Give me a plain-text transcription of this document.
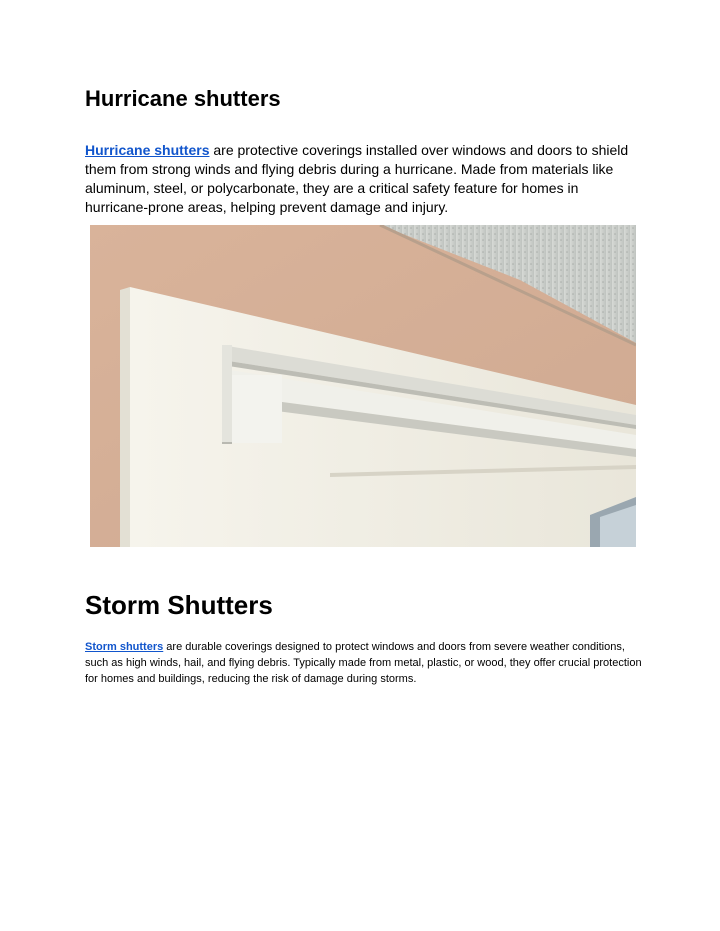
Hurricane shutters

Hurricane shutters are protective coverings installed over windows and doors to shield them from strong winds and flying debris during a hurricane. Made from materials like aluminum, steel, or polycarbonate, they are a critical safety feature for homes in hurricane-prone areas, helping prevent damage and injury.

Storm Shutters

Storm shutters are durable coverings designed to protect windows and doors from severe weather conditions, such as high winds, hail, and flying debris. Typically made from metal, plastic, or wood, they offer crucial protection for homes and buildings, reducing the risk of damage during storms.
